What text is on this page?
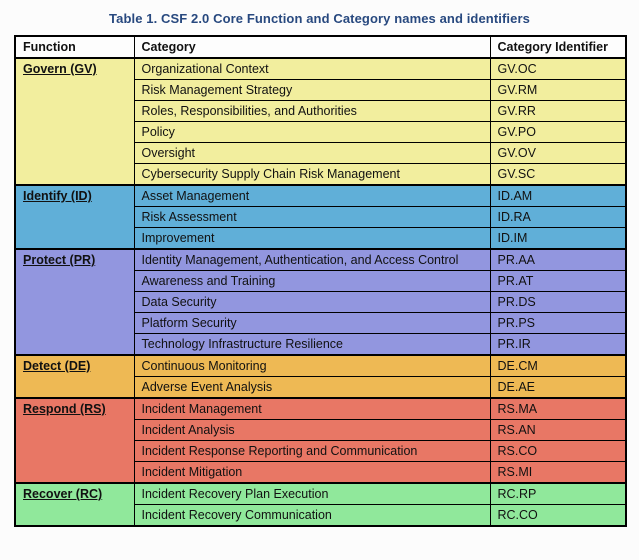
Table 1. CSF 2.0 Core Function and Category names and identifiers
Function	Category	Category Identifier
Govern (GV)	Organizational Context	GV.OC
	Risk Management Strategy	GV.RM
	Roles, Responsibilities, and Authorities	GV.RR
	Policy	GV.PO
	Oversight	GV.OV
	Cybersecurity Supply Chain Risk Management	GV.SC
Identify (ID)	Asset Management	ID.AM
	Risk Assessment	ID.RA
	Improvement	ID.IM
Protect (PR)	Identity Management, Authentication, and Access Control	PR.AA
	Awareness and Training	PR.AT
	Data Security	PR.DS
	Platform Security	PR.PS
	Technology Infrastructure Resilience	PR.IR
Detect (DE)	Continuous Monitoring	DE.CM
	Adverse Event Analysis	DE.AE
Respond (RS)	Incident Management	RS.MA
	Incident Analysis	RS.AN
	Incident Response Reporting and Communication	RS.CO
	Incident Mitigation	RS.MI
Recover (RC)	Incident Recovery Plan Execution	RC.RP
	Incident Recovery Communication	RC.CO
